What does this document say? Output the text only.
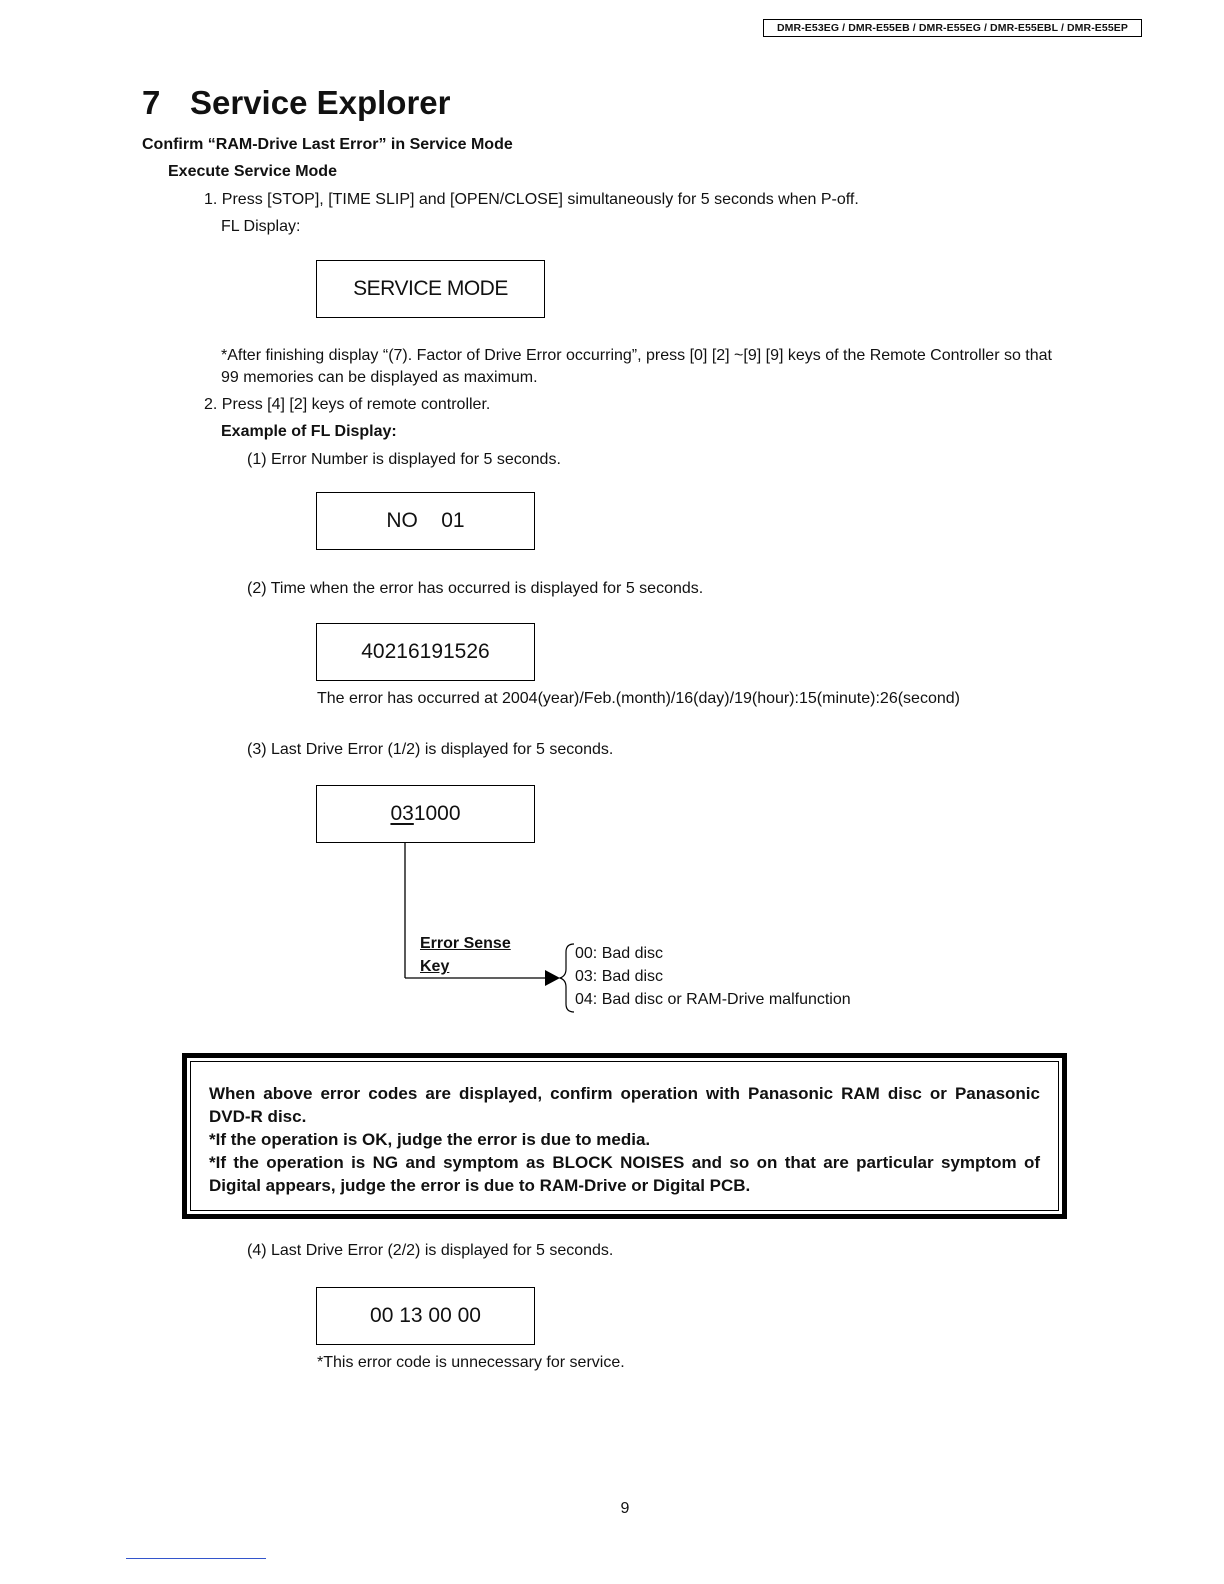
DMR-E53EG / DMR-E55EB / DMR-E55EG / DMR-E55EBL / DMR-E55EP
7 Service Explorer
Confirm “RAM-Drive Last Error” in Service Mode
Execute Service Mode
1. Press [STOP], [TIME SLIP] and [OPEN/CLOSE] simultaneously for 5 seconds when P-off.
FL Display:
SERVICE MODE
*After finishing display “(7). Factor of Drive Error occurring”, press [0] [2] ~[9] [9] keys of the Remote Controller so that
99 memories can be displayed as maximum.
2. Press [4] [2] keys of remote controller.
Example of FL Display:
(1) Error Number is displayed for 5 seconds.
NO    01
(2) Time when the error has occurred is displayed for 5 seconds.
40216191526
The error has occurred at 2004(year)/Feb.(month)/16(day)/19(hour):15(minute):26(second)
(3) Last Drive Error (1/2) is displayed for 5 seconds.
031000
Error Sense
Key
00: Bad disc
03: Bad disc
04: Bad disc or RAM-Drive malfunction
When above error codes are displayed, confirm operation with Panasonic RAM disc or Panasonic DVD-R disc.
*If the operation is OK, judge the error is due to media.
*If the operation is NG and symptom as BLOCK NOISES and so on that are particular symptom of Digital appears, judge the error is due to RAM-Drive or Digital PCB.
(4) Last Drive Error (2/2) is displayed for 5 seconds.
00 13 00 00
*This error code is unnecessary for service.
9
